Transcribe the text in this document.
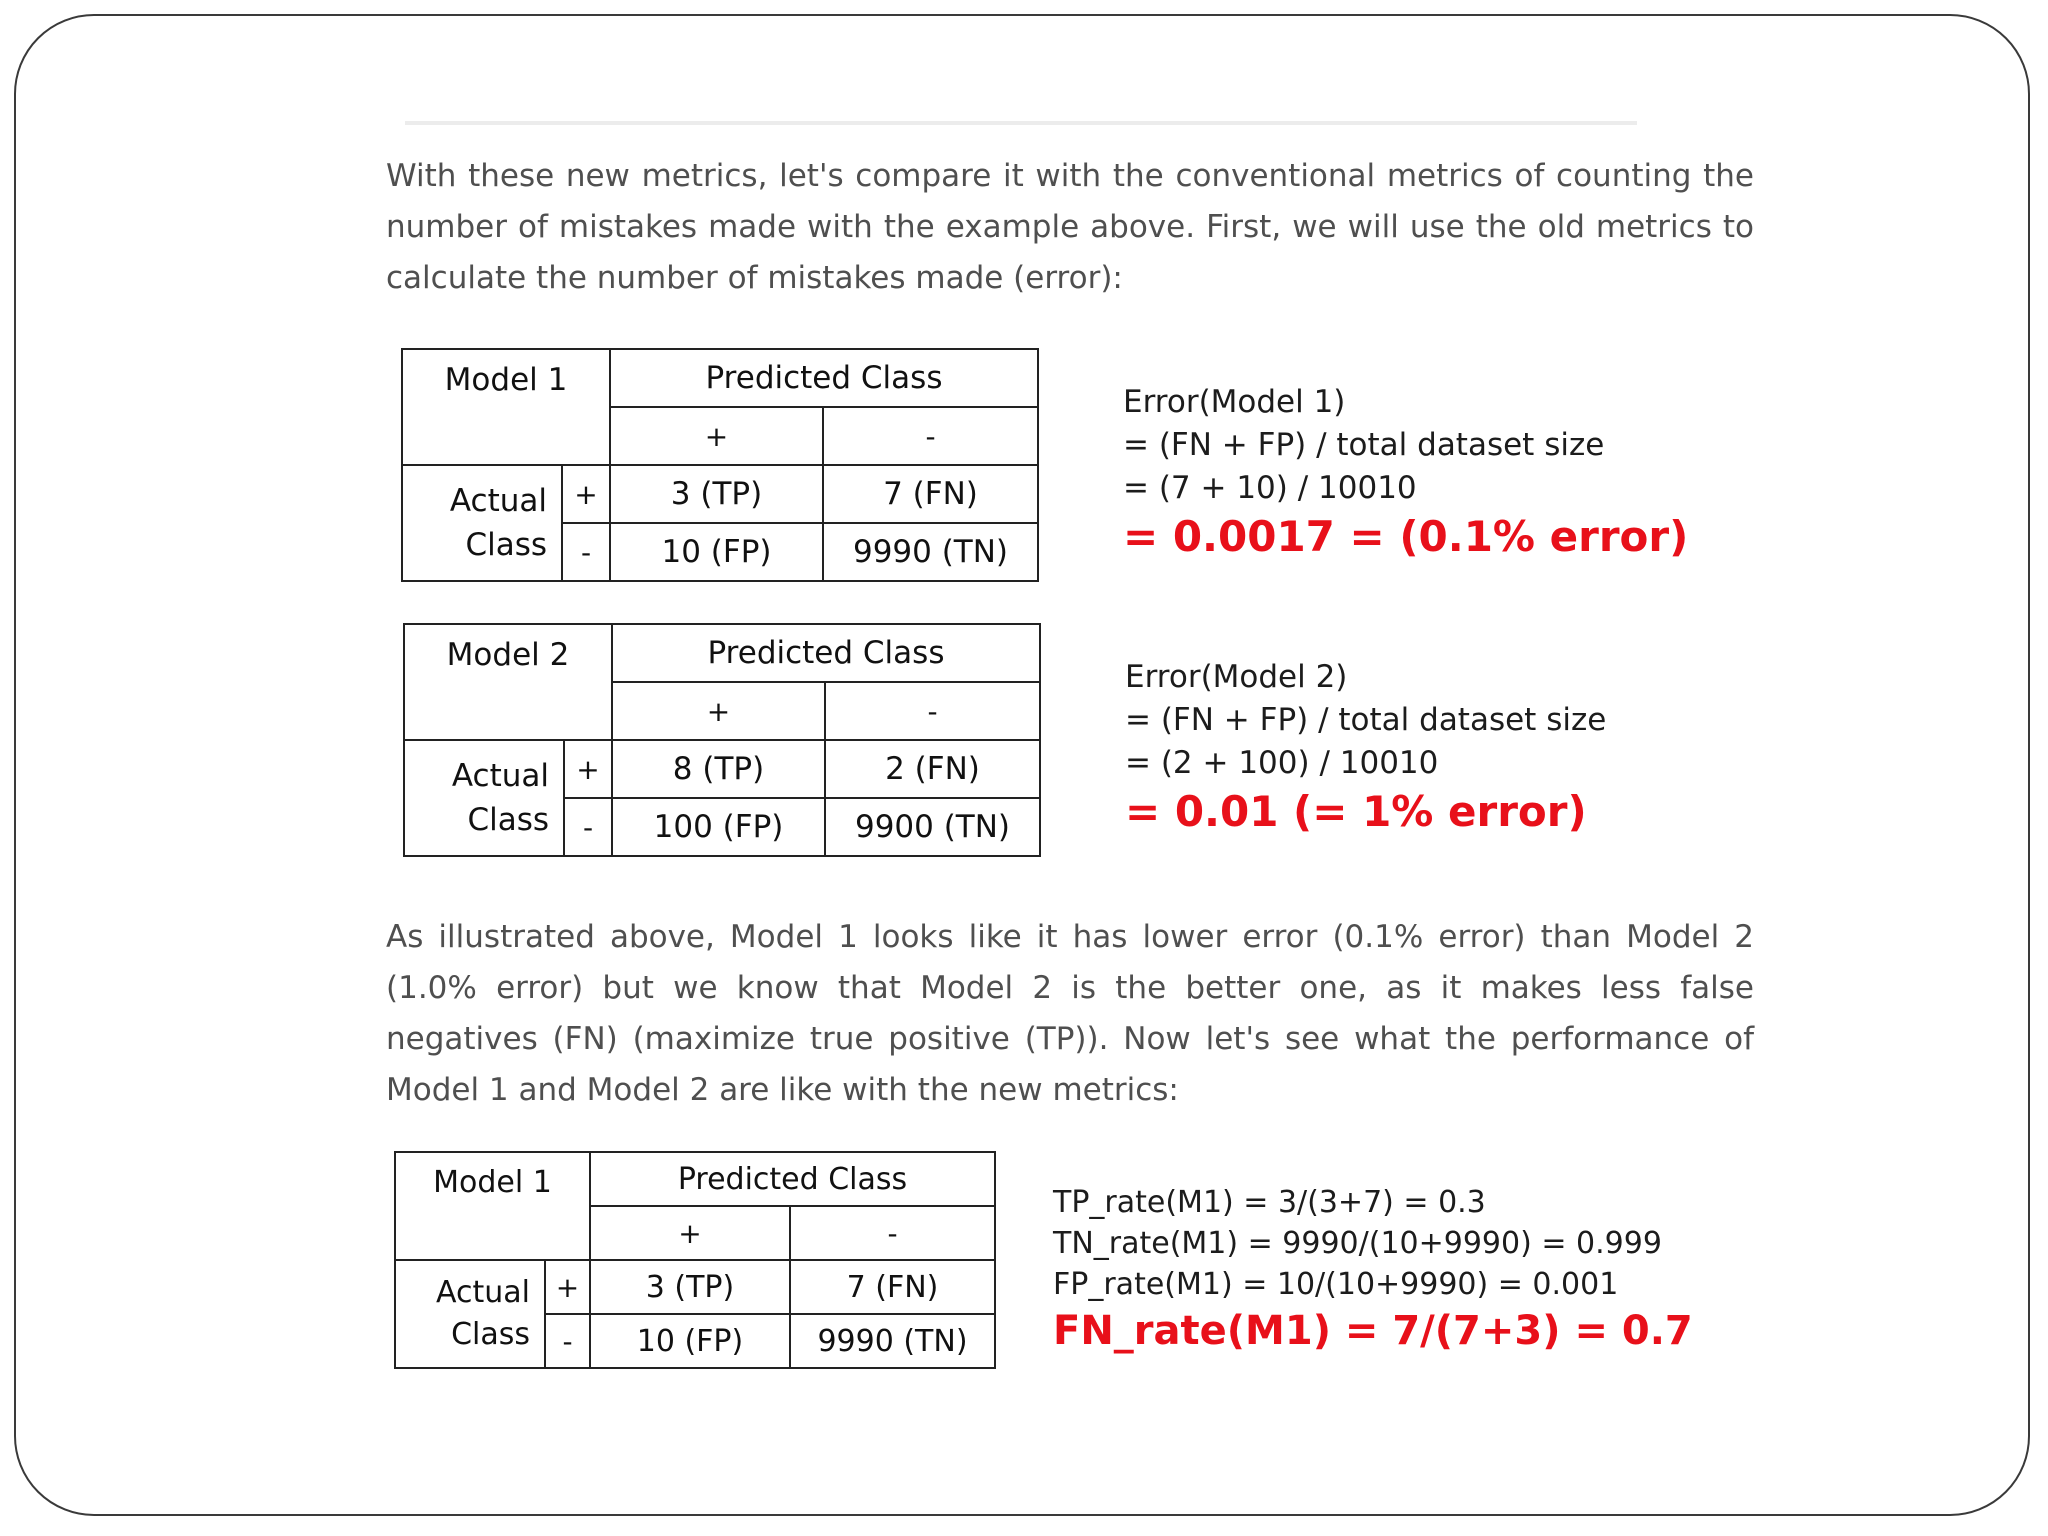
With these new metrics, let's compare it with the conventional metrics of counting the number of mistakes made with the example above. First, we will use the old metrics to calculate the number of mistakes made (error):

Model 1		Predicted Class	
		+	-
Actual
Class	+	3 (TP)	7 (FN)
	-	10 (FP)	9990 (TN)
Error(Model 1)
= (FN + FP) / total dataset size
= (7 + 10) / 10010
= 0.0017 = (0.1% error)
Model 2		Predicted Class	
		+	-
Actual
Class	+	8 (TP)	2 (FN)
	-	100 (FP)	9900 (TN)
Error(Model 2)
= (FN + FP) / total dataset size
= (2 + 100) / 10010
= 0.01 (= 1% error)

As illustrated above, Model 1 looks like it has lower error (0.1% error) than Model 2 (1.0% error) but we know that Model 2 is the better one, as it makes less false negatives (FN) (maximize true positive (TP)). Now let's see what the performance of Model 1 and Model 2 are like with the new metrics:

Model 1		Predicted Class	
		+	-
Actual
Class	+	3 (TP)	7 (FN)
	-	10 (FP)	9990 (TN)
TP_rate(M1) = 3/(3+7) = 0.3
TN_rate(M1) = 9990/(10+9990) = 0.999
FP_rate(M1) = 10/(10+9990) = 0.001
FN_rate(M1) = 7/(7+3) = 0.7
